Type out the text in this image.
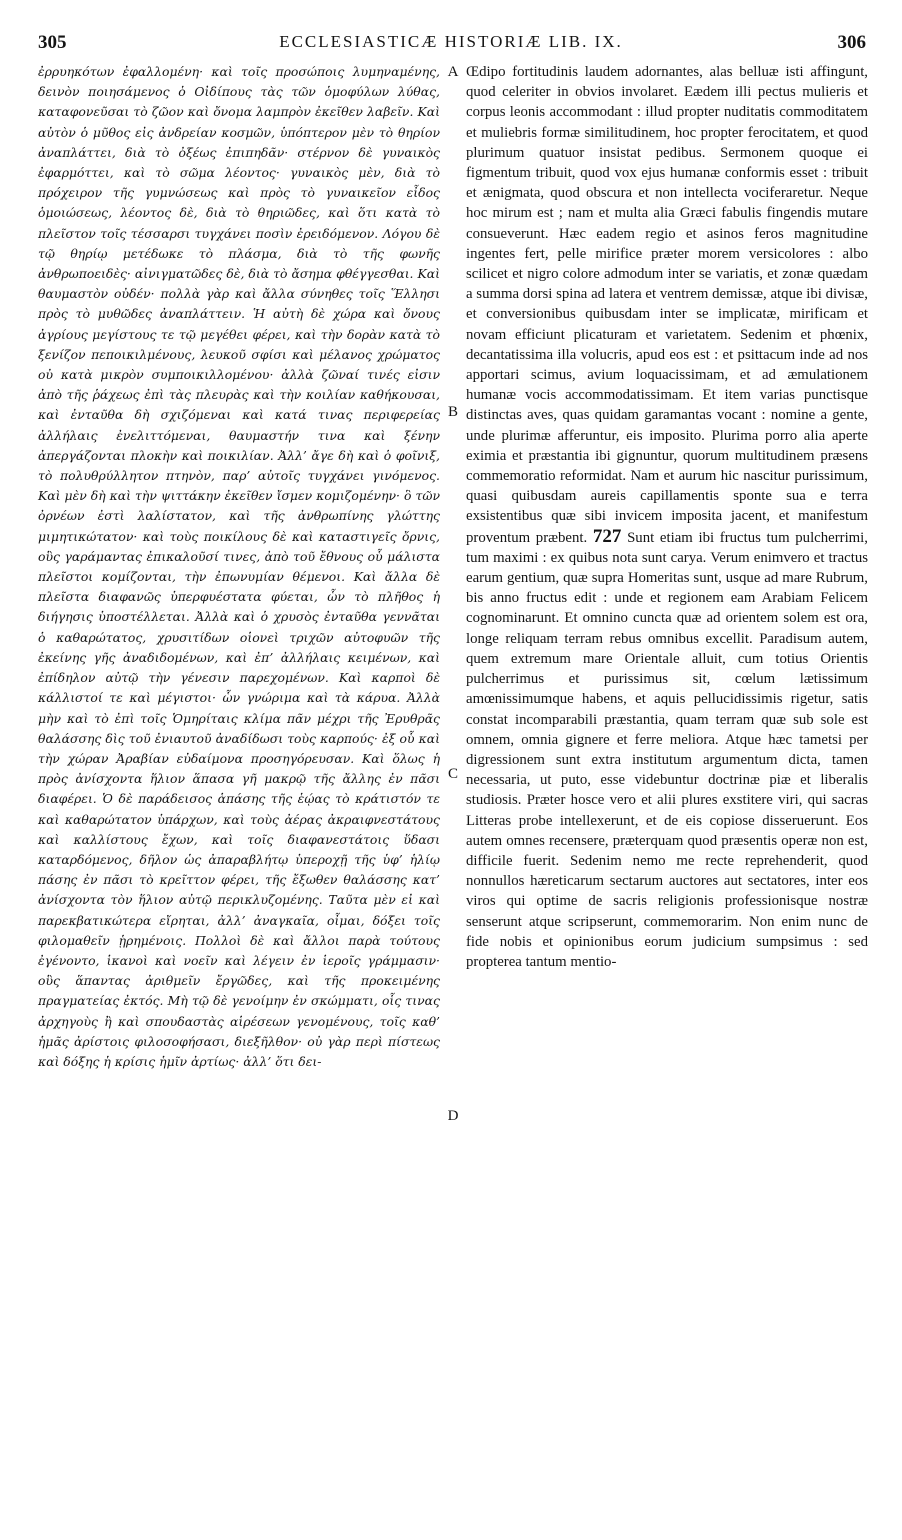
305	ECCLESIASTICÆ HISTORIÆ LIB. IX.	306

ἐρρυηκότων ἐφαλλομένη· καὶ τοῖς προσώποις λυμηναμένης, δεινὸν ποιησάμενος ὁ Οἰδίπους τὰς τῶν ὁμοφύλων λύθας, καταφονεῦσαι τὸ ζῶον καὶ ὄνομα λαμπρὸν ἐκεῖθεν λαβεῖν. Καὶ αὐτὸν ὁ μῦθος εἰς ἀνδρείαν κοσμῶν, ὑπόπτερον μὲν τὸ θηρίον ἀναπλάττει, διὰ τὸ ὀξέως ἐπιπηδᾶν· στέρνον δὲ γυναικὸς ἐφαρμόττει, καὶ τὸ σῶμα λέοντος· γυναικὸς μὲν, διὰ τὸ πρόχειρον τῆς γυμνώσεως καὶ πρὸς τὸ γυναικεῖον εἶδος ὁμοιώσεως, λέοντος δὲ, διὰ τὸ θηριῶδες, καὶ ὅτι κατὰ τὸ πλεῖστον τοῖς τέσσαρσι τυγχάνει ποσὶν ἐρειδόμενον. Λόγου δὲ τῷ θηρίῳ μετέδωκε τὸ πλάσμα, διὰ τὸ τῆς φωνῆς ἀνθρωποειδὲς· αἰνιγματῶδες δὲ, διὰ τὸ ἄσημα φθέγγεσθαι. Καὶ θαυμαστὸν οὐδέν· πολλὰ γὰρ καὶ ἄλλα σύνηθες τοῖς Ἕλλησι πρὸς τὸ μυθῶδες ἀναπλάττειν. Ἡ αὐτὴ δὲ χώρα καὶ ὄνους ἀγρίους μεγίστους τε τῷ μεγέθει φέρει, καὶ τὴν δορὰν κατὰ τὸ ξενίζον πεποικιλμένους, λευκοῦ σφίσι καὶ μέλανος χρώματος οὐ κατὰ μικρὸν συμποικιλλομένου· ἀλλὰ ζῶναί τινές εἰσιν ἀπὸ τῆς ῥάχεως ἐπὶ τὰς πλευρὰς καὶ τὴν κοιλίαν καθήκουσαι, καὶ ἐνταῦθα δὴ σχιζόμεναι καὶ κατά τινας περιφερείας ἀλλήλαις ἐνελιττόμεναι, θαυμαστήν τινα καὶ ξένην ἀπεργάζονται πλοκὴν καὶ ποικιλίαν. Ἀλλ’ ἄγε δὴ καὶ ὁ φοῖνιξ, τὸ πολυθρύλλητον πτηνὸν, παρ’ αὐτοῖς τυγχάνει γινόμενος. Καὶ μὲν δὴ καὶ τὴν ψιττάκην ἐκεῖθεν ἴσμεν κομιζομένην· ὃ τῶν ὀρνέων ἐστὶ λαλίστατον, καὶ τῆς ἀνθρωπίνης γλώττης μιμητικώτατον· καὶ τοὺς ποικίλους δὲ καὶ καταστιγεῖς ὄρνις, οὓς γαράμαντας ἐπικαλοῦσί τινες, ἀπὸ τοῦ ἔθνους οὗ μάλιστα πλεῖστοι κομίζονται, τὴν ἐπωνυμίαν θέμενοι. Καὶ ἄλλα δὲ πλεῖστα διαφανῶς ὑπερφυέστατα φύεται, ὧν τὸ πλῆθος ἡ διήγησις ὑποστέλλεται. Ἀλλὰ καὶ ὁ χρυσὸς ἐνταῦθα γεννᾶται ὁ καθαρώτατος, χρυσιτίδων οἱονεὶ τριχῶν αὐτοφυῶν τῆς ἐκείνης γῆς ἀναδιδομένων, καὶ ἐπ’ ἀλλήλαις κειμένων, καὶ ἐπίδηλον αὐτῷ τὴν γένεσιν παρεχομένων. Καὶ καρποὶ δὲ κάλλιστοί τε καὶ μέγιστοι· ὧν γνώριμα καὶ τὰ κάρυα. Ἀλλὰ μὴν καὶ τὸ ἐπὶ τοῖς Ὁμηρίταις κλίμα πᾶν μέχρι τῆς Ἐρυθρᾶς θαλάσσης δὶς τοῦ ἐνιαυτοῦ ἀναδίδωσι τοὺς καρπούς· ἐξ οὗ καὶ τὴν χώραν Ἀραβίαν εὐδαίμονα προσηγόρευσαν. Καὶ ὅλως ἡ πρὸς ἀνίσχοντα ἥλιον ἅπασα γῆ μακρῷ τῆς ἄλλης ἐν πᾶσι διαφέρει. Ὁ δὲ παράδεισος ἁπάσης τῆς ἑῴας τὸ κράτιστόν τε καὶ καθαρώτατον ὑπάρχων, καὶ τοὺς ἀέρας ἀκραιφνεστάτους καὶ καλλίστους ἔχων, καὶ τοῖς διαφανεστάτοις ὕδασι καταρδόμενος, δῆλον ὡς ἀπαραβλήτῳ ὑπεροχῇ τῆς ὑφ’ ἡλίῳ πάσης ἐν πᾶσι τὸ κρεῖττον φέρει, τῆς ἔξωθεν θαλάσσης κατ’ ἀνίσχοντα τὸν ἥλιον αὐτῷ περικλυζομένης. Ταῦτα μὲν εἰ καὶ παρεκβατικώτερα εἴρηται, ἀλλ’ ἀναγκαῖα, οἶμαι, δόξει τοῖς φιλομαθεῖν ᾑρημένοις. Πολλοὶ δὲ καὶ ἄλλοι παρὰ τούτους ἐγένοντο, ἱκανοὶ καὶ νοεῖν καὶ λέγειν ἐν ἱεροῖς γράμμασιν· οὓς ἅπαντας ἀριθμεῖν ἔργῶδες, καὶ τῆς προκειμένης πραγματείας ἐκτός. Μὴ τῷ δὲ γενοίμην ἐν σκώμματι, οἷς τινας ἀρχηγοὺς ἢ καὶ σπουδαστὰς αἱρέσεων γενομένους, τοῖς καθ’ ἡμᾶς ἀρίστοις φιλοσοφήσασι, διεξῆλθον· οὐ γὰρ περὶ πίστεως καὶ δόξης ἡ κρίσις ἡμῖν ἀρτίως· ἀλλ’ ὅτι δει-

A
B
C
D

Œdipo fortitudinis laudem adornantes, alas belluæ isti affingunt, quod celeriter in obvios involaret. Eædem illi pectus mulieris et corpus leonis accommodant : illud propter nuditatis commoditatem et muliebris formæ similitudinem, hoc propter ferocitatem, et quod plurimum quatuor insistat pedibus. Sermonem quoque ei figmentum tribuit, quod vox ejus humanæ conformis esset : tribuit et ænigmata, quod obscura et non intellecta vociferaretur. Neque hoc mirum est ; nam et multa alia Græci fabulis fingendis mutare consueverunt. Hæc eadem regio et asinos feros magnitudine ingentes fert, pelle mirifice præter morem versicolores : albo scilicet et nigro colore admodum inter se variatis, et zonæ quædam a summa dorsi spina ad latera et ventrem demissæ, atque ibi divisæ, et conversionibus quibusdam inter se implicatæ, mirificam et novam efficiunt plicaturam et varietatem. Sedenim et phœnix, decantatissima illa volucris, apud eos est : et psittacum inde ad nos apportari scimus, avium loquacissimam, et ad æmulationem humanæ vocis accommodatissimam. Et item varias punctisque distinctas aves, quas quidam garamantas vocant : nomine a gente, unde plurimæ afferuntur, eis imposito. Plurima porro alia aperte eximia et præstantia ibi gignuntur, quorum multitudinem præsens commemoratio reformidat. Nam et aurum hic nascitur purissimum, quasi quibusdam aureis capillamentis sponte sua e terra exsistentibus quæ sibi invicem imposita jacent, et manifestum proventum præbent. 727 Sunt etiam ibi fructus tum pulcherrimi, tum maximi : ex quibus nota sunt carya. Verum enimvero et tractus earum gentium, quæ supra Homeritas sunt, usque ad mare Rubrum, bis anno fructus edit : unde et regionem eam Arabiam Felicem cognominarunt. Et omnino cuncta quæ ad orientem solem est ora, longe reliquam terram rebus omnibus excellit. Paradisum autem, quem extremum mare Orientale alluit, cum totius Orientis pulcherrimus et purissimus sit, cœlum lætissimum amœnissimumque habens, et aquis pellucidissimis rigetur, satis constat incomparabili præstantia, quam terram quæ sub sole est omnem, omnia gignere et ferre meliora. Atque hæc tametsi per digressionem sunt extra institutum argumentum dicta, tamen necessaria, ut puto, esse videbuntur doctrinæ piæ et liberalis studiosis. Præter hosce vero et alii plures exstitere viri, qui sacras Litteras probe intellexerunt, et de eis copiose disseruerunt. Eos autem omnes recensere, præterquam quod præsentis operæ non est, difficile fuerit. Sedenim nemo me recte reprehenderit, quod nonnullos hæreticarum sectarum auctores aut sectatores, inter eos viros qui optime de sacris religionis professionisque nostræ senserunt atque scripserunt, commemorarim. Non enim nunc de fide nobis et opinionibus eorum judicium sumpsimus : sed propterea tantum mentio-
